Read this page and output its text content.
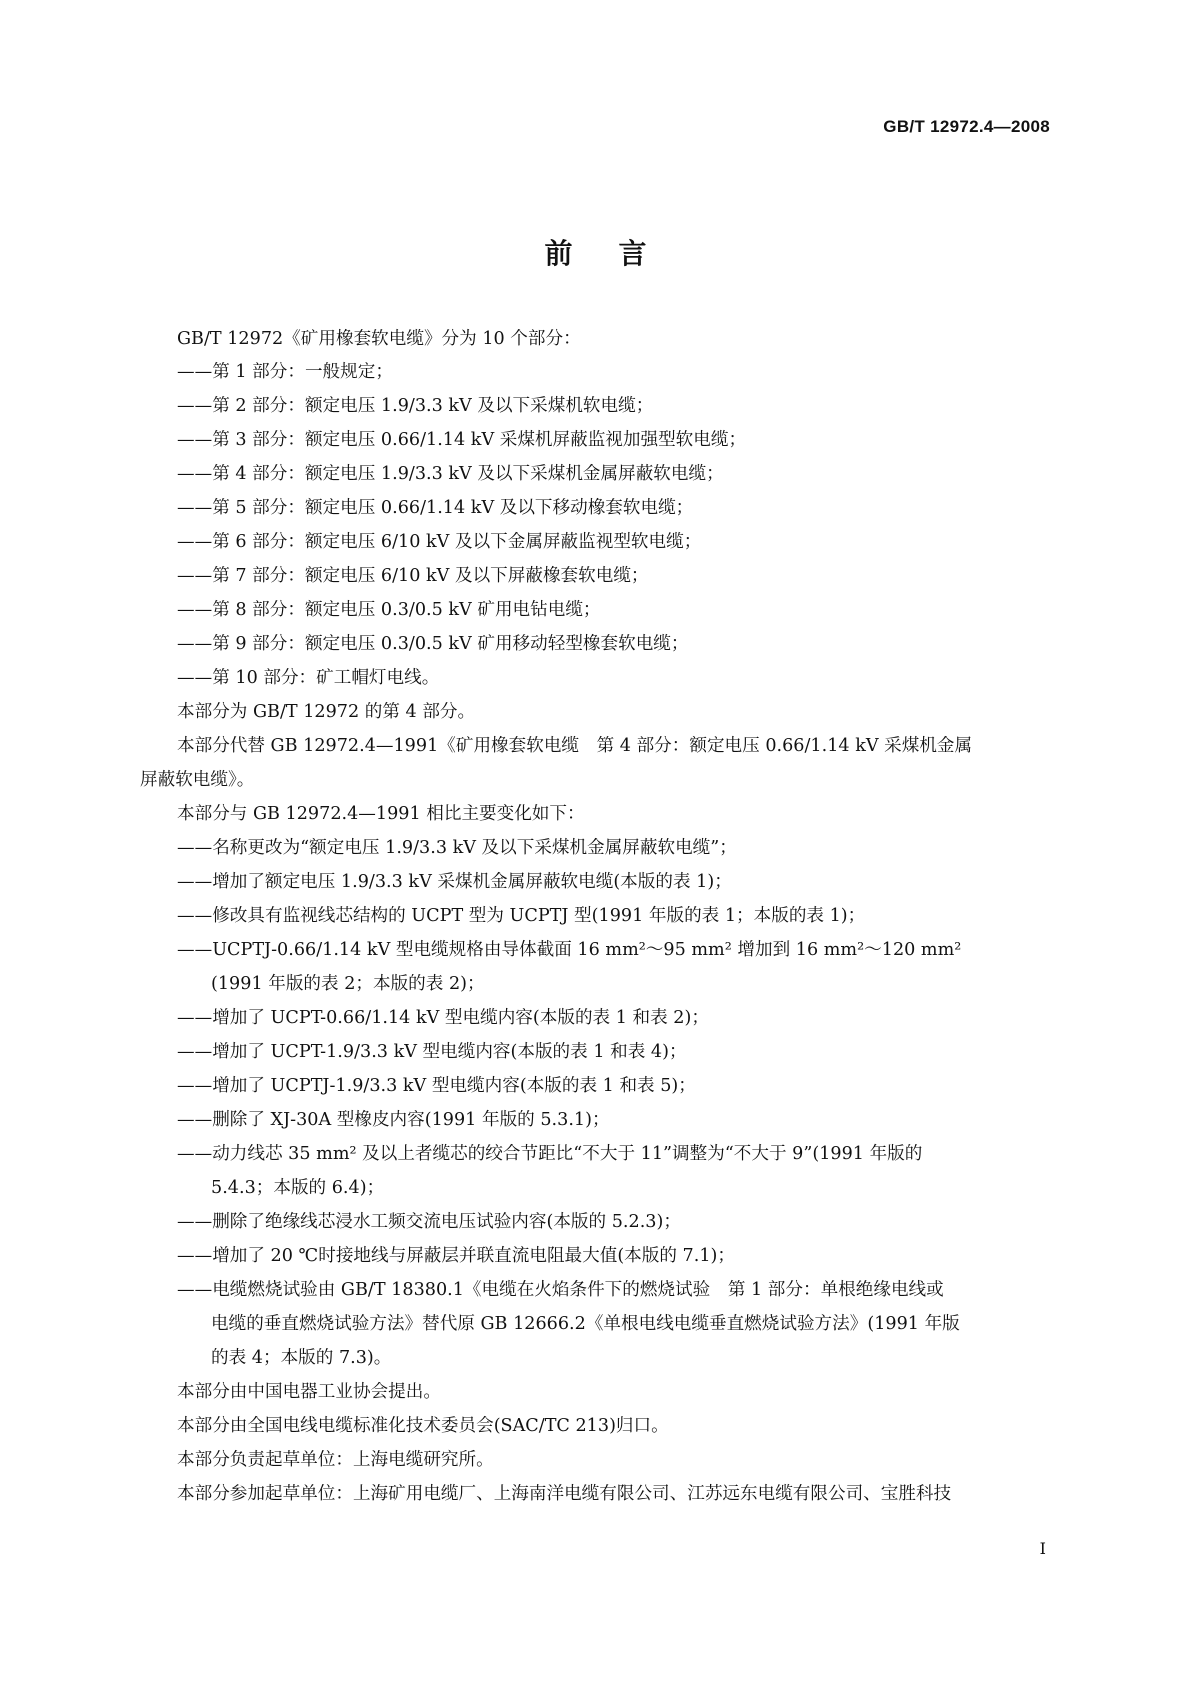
GB/T 12972.4—2008
前言
GB/T 12972《矿用橡套软电缆》分为 10 个部分：
——第 1 部分：一般规定；
——第 2 部分：额定电压 1.9/3.3 kV 及以下采煤机软电缆；
——第 3 部分：额定电压 0.66/1.14 kV 采煤机屏蔽监视加强型软电缆；
——第 4 部分：额定电压 1.9/3.3 kV 及以下采煤机金属屏蔽软电缆；
——第 5 部分：额定电压 0.66/1.14 kV 及以下移动橡套软电缆；
——第 6 部分：额定电压 6/10 kV 及以下金属屏蔽监视型软电缆；
——第 7 部分：额定电压 6/10 kV 及以下屏蔽橡套软电缆；
——第 8 部分：额定电压 0.3/0.5 kV 矿用电钻电缆；
——第 9 部分：额定电压 0.3/0.5 kV 矿用移动轻型橡套软电缆；
——第 10 部分：矿工帽灯电线。
本部分为 GB/T 12972 的第 4 部分。
本部分代替 GB 12972.4—1991《矿用橡套软电缆　第 4 部分：额定电压 0.66/1.14 kV 采煤机金属
屏蔽软电缆》。
本部分与 GB 12972.4—1991 相比主要变化如下：
——名称更改为“额定电压 1.9/3.3 kV 及以下采煤机金属屏蔽软电缆”；
——增加了额定电压 1.9/3.3 kV 采煤机金属屏蔽软电缆(本版的表 1)；
——修改具有监视线芯结构的 UCPT 型为 UCPTJ 型(1991 年版的表 1；本版的表 1)；
——UCPTJ-0.66/1.14 kV 型电缆规格由导体截面 16 mm²～95 mm² 增加到 16 mm²～120 mm²
(1991 年版的表 2；本版的表 2)；
——增加了 UCPT-0.66/1.14 kV 型电缆内容(本版的表 1 和表 2)；
——增加了 UCPT-1.9/3.3 kV 型电缆内容(本版的表 1 和表 4)；
——增加了 UCPTJ-1.9/3.3 kV 型电缆内容(本版的表 1 和表 5)；
——删除了 XJ-30A 型橡皮内容(1991 年版的 5.3.1)；
——动力线芯 35 mm² 及以上者缆芯的绞合节距比“不大于 11”调整为“不大于 9”(1991 年版的
5.4.3；本版的 6.4)；
——删除了绝缘线芯浸水工频交流电压试验内容(本版的 5.2.3)；
——增加了 20 ℃时接地线与屏蔽层并联直流电阻最大值(本版的 7.1)；
——电缆燃烧试验由 GB/T 18380.1《电缆在火焰条件下的燃烧试验　第 1 部分：单根绝缘电线或
电缆的垂直燃烧试验方法》替代原 GB 12666.2《单根电线电缆垂直燃烧试验方法》(1991 年版
的表 4；本版的 7.3)。
本部分由中国电器工业协会提出。
本部分由全国电线电缆标准化技术委员会(SAC/TC 213)归口。
本部分负责起草单位：上海电缆研究所。
本部分参加起草单位：上海矿用电缆厂、上海南洋电缆有限公司、江苏远东电缆有限公司、宝胜科技
I
